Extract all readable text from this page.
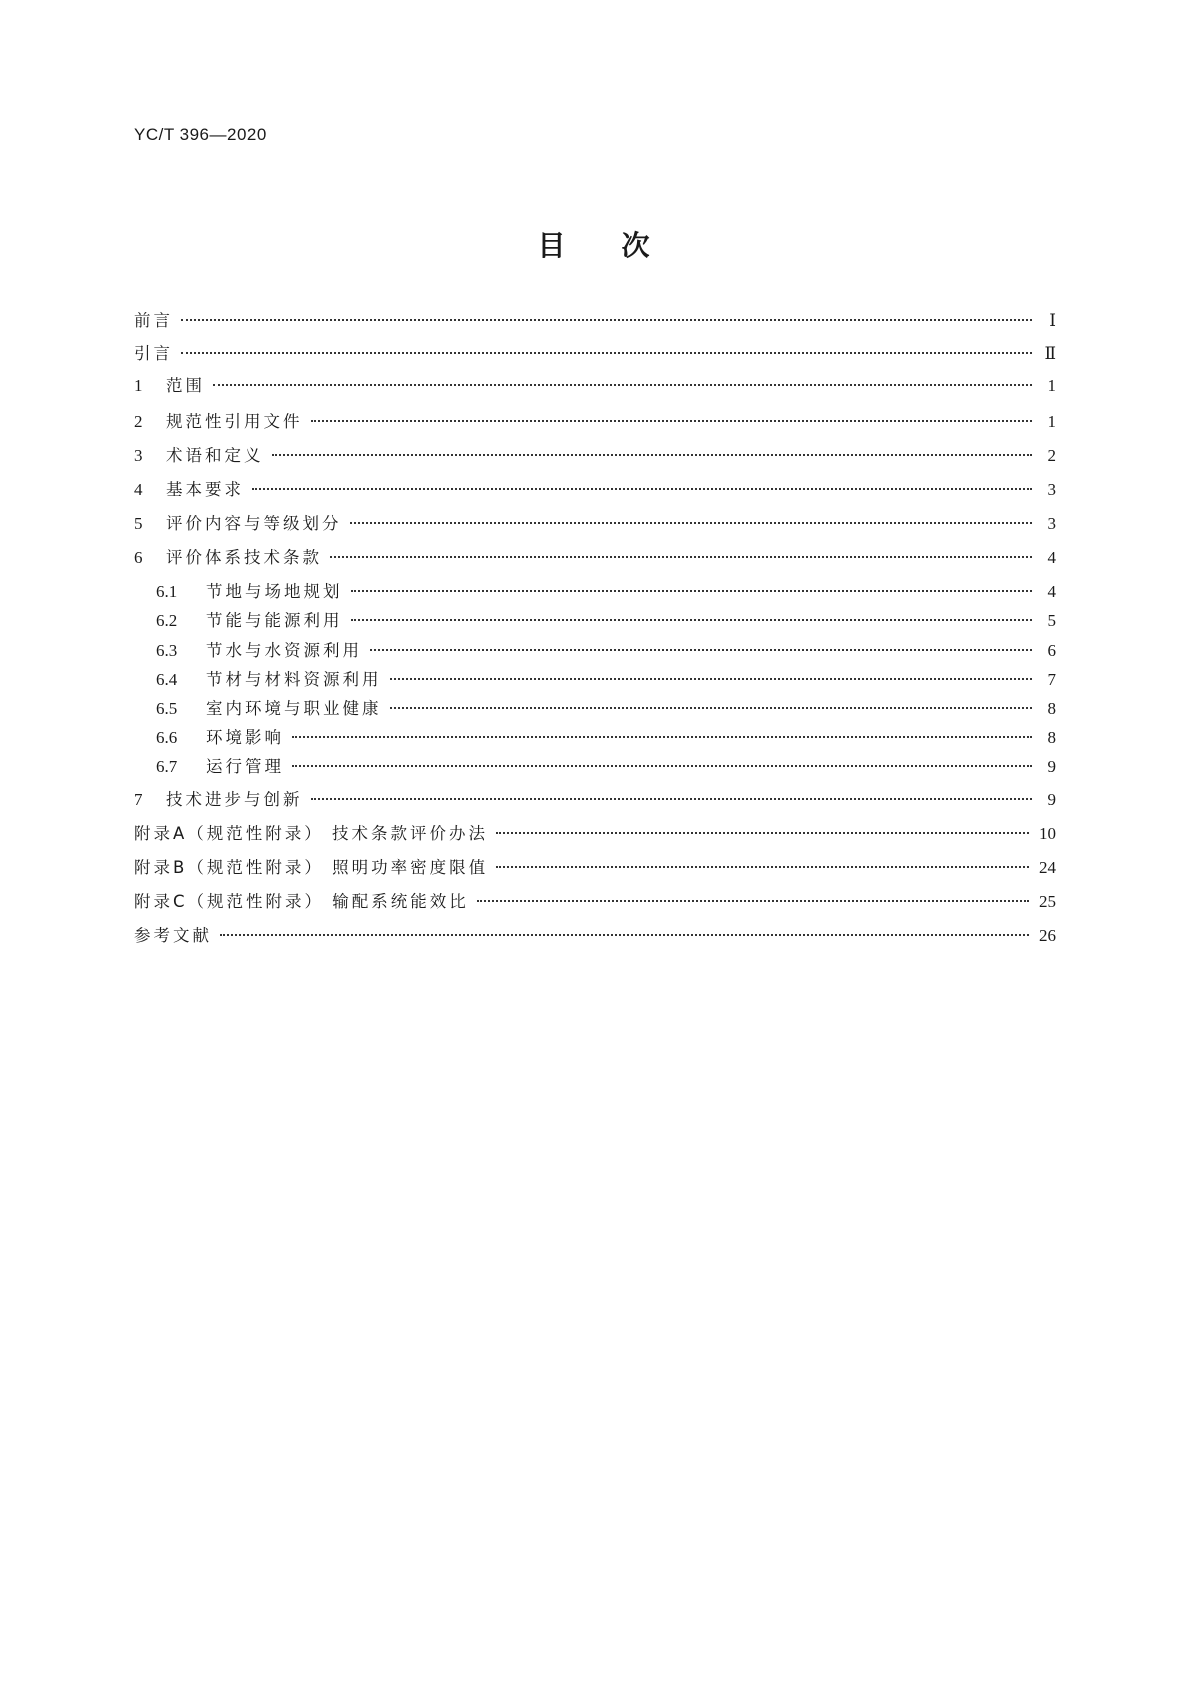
YC/T 396—2020
目 次
前言	Ⅰ
引言	Ⅱ
1	范围	1
2	规范性引用文件	1
3	术语和定义	2
4	基本要求	3
5	评价内容与等级划分	3
6	评价体系技术条款	4
6.1	节地与场地规划	4
6.2	节能与能源利用	5
6.3	节水与水资源利用	6
6.4	节材与材料资源利用	7
6.5	室内环境与职业健康	8
6.6	环境影响	8
6.7	运行管理	9
7	技术进步与创新	9
附录A（规范性附录） 技术条款评价办法	10
附录B（规范性附录） 照明功率密度限值	24
附录C（规范性附录） 输配系统能效比	25
参考文献	26
